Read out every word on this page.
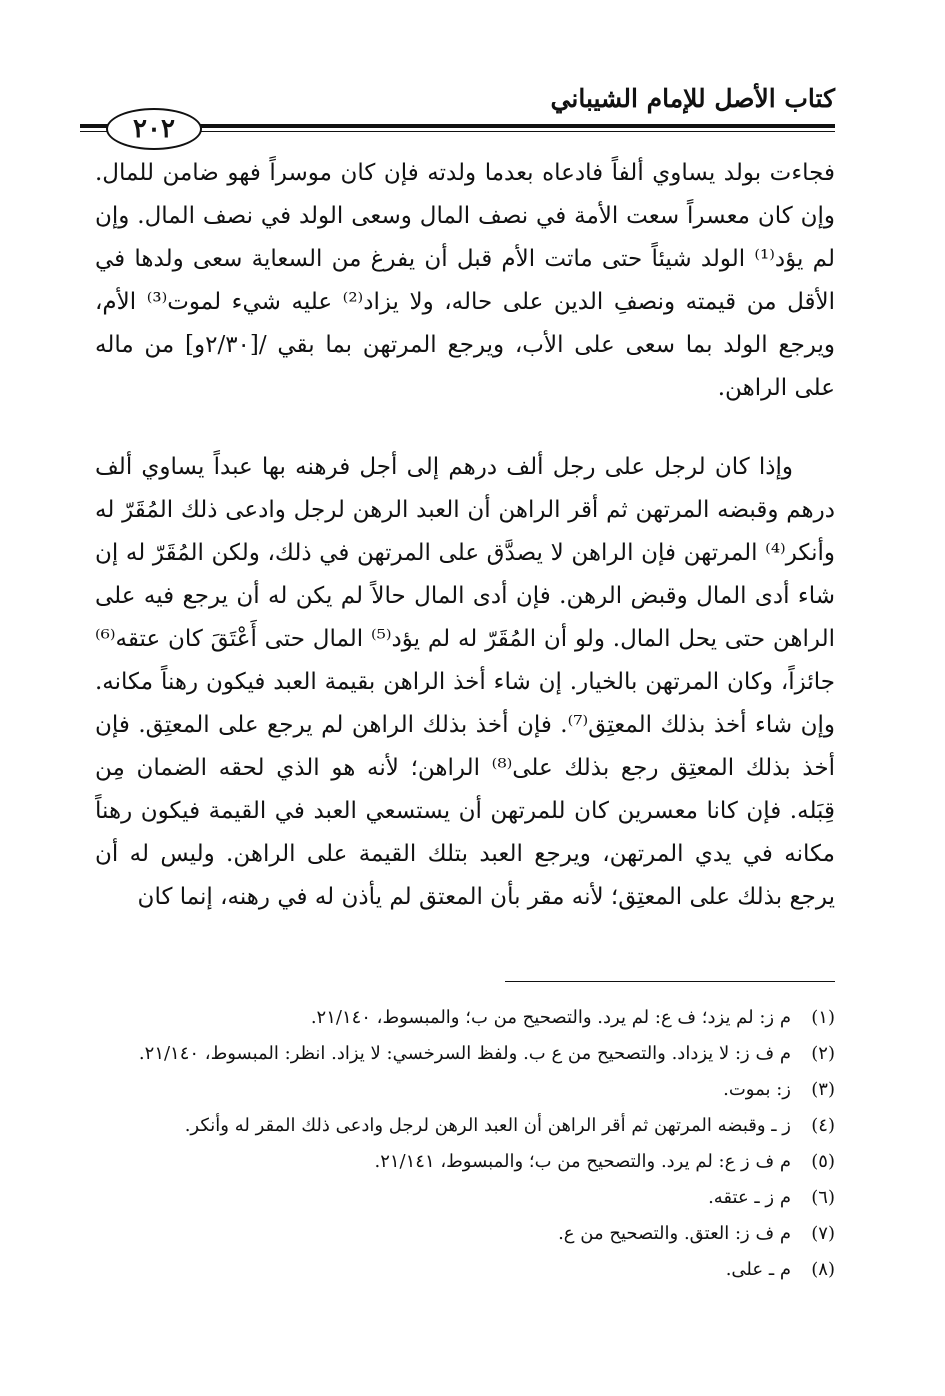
كتاب الأصل للإمام الشيباني
٢٠٢

فجاءت بولد يساوي ألفاً فادعاه بعدما ولدته فإن كان موسراً فهو ضامن للمال. وإن كان معسراً سعت الأمة في نصف المال وسعى الولد في نصف المال. وإن لم يؤد⁽¹⁾ الولد شيئاً حتى ماتت الأم قبل أن يفرغ من السعاية سعى ولدها في الأقل من قيمته ونصفِ الدين على حاله، ولا يزاد⁽²⁾ عليه شيء لموت⁽³⁾ الأم، ويرجع الولد بما سعى على الأب، ويرجع المرتهن بما بقي /[٢/٣٠و] من ماله على الراهن.

وإذا كان لرجل على رجل ألف درهم إلى أجل فرهنه بها عبداً يساوي ألف درهم وقبضه المرتهن ثم أقر الراهن أن العبد الرهن لرجل وادعى ذلك المُقَرّ له وأنكر⁽⁴⁾ المرتهن فإن الراهن لا يصدَّق على المرتهن في ذلك، ولكن المُقَرّ له إن شاء أدى المال وقبض الرهن. فإن أدى المال حالاً لم يكن له أن يرجع فيه على الراهن حتى يحل المال. ولو أن المُقَرّ له لم يؤد⁽⁵⁾ المال حتى أَعْتَقَ كان عتقه⁽⁶⁾ جائزاً، وكان المرتهن بالخيار. إن شاء أخذ الراهن بقيمة العبد فيكون رهناً مكانه. وإن شاء أخذ بذلك المعتِق⁽⁷⁾. فإن أخذ بذلك الراهن لم يرجع على المعتِق. فإن أخذ بذلك المعتِق رجع بذلك على⁽⁸⁾ الراهن؛ لأنه هو الذي لحقه الضمان مِن قِبَله. فإن كانا معسرين كان للمرتهن أن يستسعي العبد في القيمة فيكون رهناً مكانه في يدي المرتهن، ويرجع العبد بتلك القيمة على الراهن. وليس له أن يرجع بذلك على المعتِق؛ لأنه مقر بأن المعتق لم يأذن له في رهنه، إنما كان

(١)
م ز: لم يزد؛ ف ع: لم يرد. والتصحيح من ب؛ والمبسوط، ٢١/١٤٠.
(٢)
م ف ز: لا يزداد. والتصحيح من ع ب. ولفظ السرخسي: لا يزاد. انظر: المبسوط، ٢١/١٤٠.
(٣)
ز: بموت.
(٤)
ز ـ وقبضه المرتهن ثم أقر الراهن أن العبد الرهن لرجل وادعى ذلك المقر له وأنكر.
(٥)
م ف ز ع: لم يرد. والتصحيح من ب؛ والمبسوط، ٢١/١٤١.
(٦)
م ز ـ عتقه.
(٧)
م ف ز: العتق. والتصحيح من ع.
(٨)
م ـ على.
